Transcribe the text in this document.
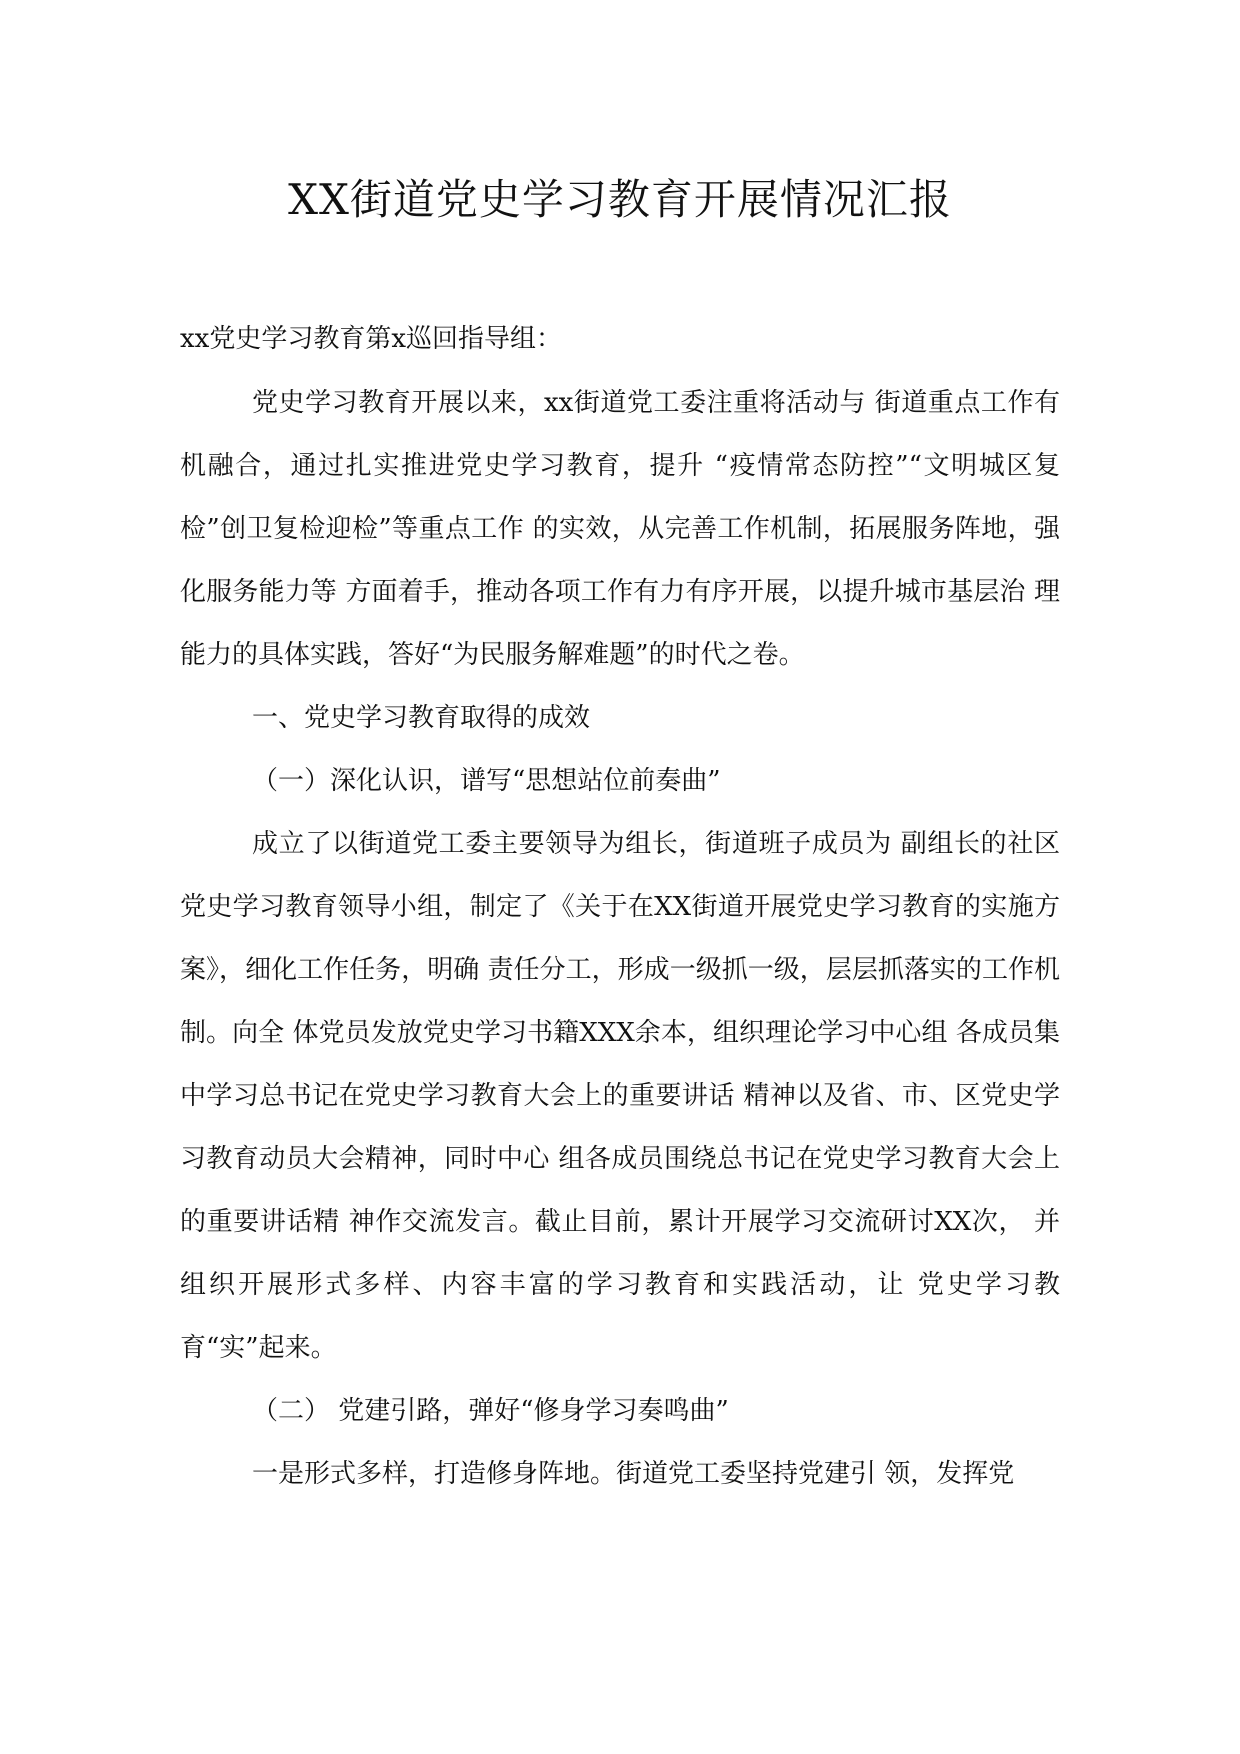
XX街道党史学习教育开展情况汇报

xx党史学习教育第x巡回指导组：

党史学习教育开展以来，xx街道党工委注重将活动与 街道重点工作有机融合，通过扎实推进党史学习教育，提升 “疫情常态防控”“文明城区复检”创卫复检迎检”等重点工作 的实效，从完善工作机制，拓展服务阵地，强化服务能力等 方面着手，推动各项工作有力有序开展，以提升城市基层治 理能力的具体实践，答好“为民服务解难题”的时代之卷。

一、党史学习教育取得的成效

（一）深化认识，谱写“思想站位前奏曲”

成立了以街道党工委主要领导为组长，街道班子成员为 副组长的社区党史学习教育领导小组，制定了《关于在XX街道开展党史学习教育的实施方案》，细化工作任务，明确 责任分工，形成一级抓一级，层层抓落实的工作机制。向全 体党员发放党史学习书籍XXX余本，组织理论学习中心组 各成员集中学习总书记在党史学习教育大会上的重要讲话 精神以及省、市、区党史学习教育动员大会精神，同时中心 组各成员围绕总书记在党史学习教育大会上的重要讲话精 神作交流发言。截止目前，累计开展学习交流研讨XX次， 并组织开展形式多样、内容丰富的学习教育和实践活动，让 党史学习教育“实”起来。

（二） 党建引路，弹好“修身学习奏鸣曲”

一是形式多样，打造修身阵地。街道党工委坚持党建引 领，发挥党
